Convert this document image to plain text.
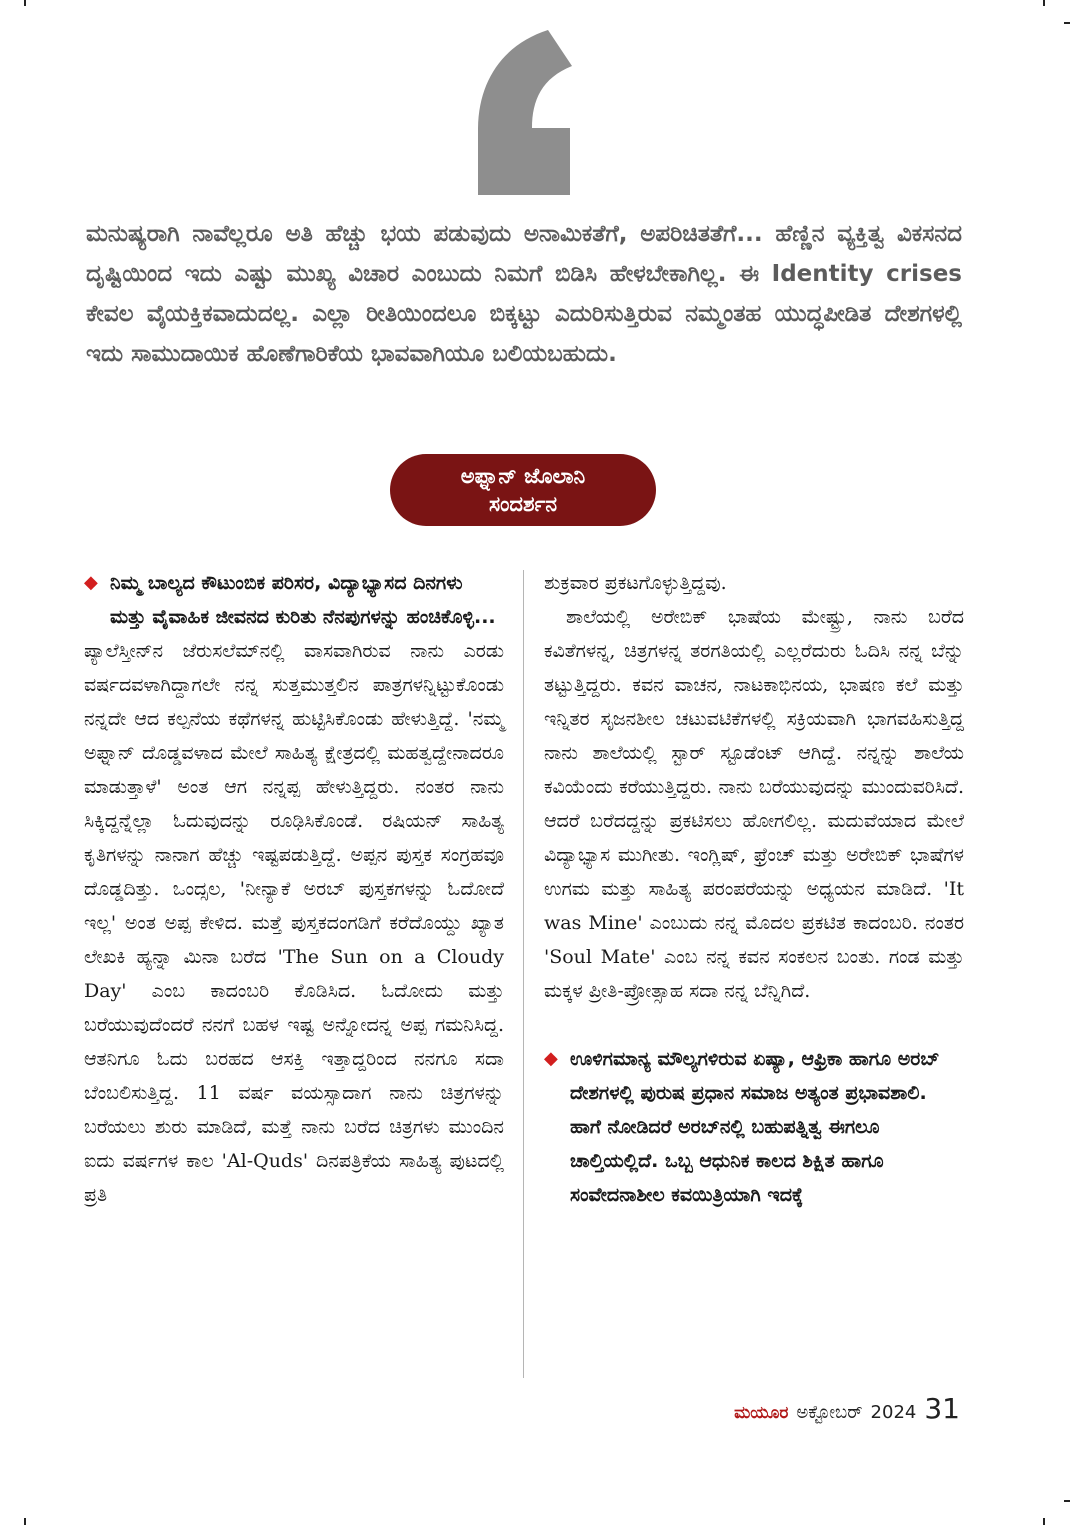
ಮನುಷ್ಯರಾಗಿ ನಾವೆಲ್ಲರೂ ಅತಿ ಹೆಚ್ಚು ಭಯ ಪಡುವುದು ಅನಾಮಿಕತೆಗೆ, ಅಪರಿಚಿತತೆಗೆ... ಹೆಣ್ಣಿನ ವ್ಯಕ್ತಿತ್ವ ವಿಕಸನದ ದೃಷ್ಟಿಯಿಂದ ಇದು ಎಷ್ಟು ಮುಖ್ಯ ವಿಚಾರ ಎಂಬುದು ನಿಮಗೆ ಬಿಡಿಸಿ ಹೇಳಬೇಕಾಗಿಲ್ಲ. ಈ Identity crises ಕೇವಲ ವೈಯಕ್ತಿಕವಾದುದಲ್ಲ. ಎಲ್ಲಾ ರೀತಿಯಿಂದಲೂ ಬಿಕ್ಕಟ್ಟು ಎದುರಿಸುತ್ತಿರುವ ನಮ್ಮಂತಹ ಯುದ್ಧಪೀಡಿತ ದೇಶಗಳಲ್ಲಿ ಇದು ಸಾಮುದಾಯಿಕ ಹೊಣೆಗಾರಿಕೆಯ ಭಾವವಾಗಿಯೂ ಬಲಿಯಬಹುದು.
ಅಫ್ನಾನ್ ಜೊಲಾನಿ
ಸಂದರ್ಶನ
◆ ನಿಮ್ಮ ಬಾಲ್ಯದ ಕೌಟುಂಬಿಕ ಪರಿಸರ, ವಿದ್ಯಾಭ್ಯಾಸದ ದಿನಗಳು ಮತ್ತು ವೈವಾಹಿಕ ಜೀವನದ ಕುರಿತು ನೆನಪುಗಳನ್ನು ಹಂಚಿಕೊಳ್ಳಿ...

ಪ್ಯಾಲೆಸ್ತೀನ್‌ನ ಜೆರುಸಲೆಮ್‌ನಲ್ಲಿ ವಾಸವಾಗಿರುವ ನಾನು ಎರಡು ವರ್ಷದವಳಾಗಿದ್ದಾಗಲೇ ನನ್ನ ಸುತ್ತಮುತ್ತಲಿನ ಪಾತ್ರಗಳನ್ನಿಟ್ಟುಕೊಂಡು ನನ್ನದೇ ಆದ ಕಲ್ಪನೆಯ ಕಥೆಗಳನ್ನ ಹುಟ್ಟಿಸಿಕೊಂಡು ಹೇಳುತ್ತಿದ್ದೆ. 'ನಮ್ಮ ಅಫ್ನಾನ್ ದೊಡ್ಡವಳಾದ ಮೇಲೆ ಸಾಹಿತ್ಯ ಕ್ಷೇತ್ರದಲ್ಲಿ ಮಹತ್ವದ್ದೇನಾದರೂ ಮಾಡುತ್ತಾಳೆ' ಅಂತ ಆಗ ನನ್ನಪ್ಪ ಹೇಳುತ್ತಿದ್ದರು. ನಂತರ ನಾನು ಸಿಕ್ಕಿದ್ದನ್ನೆಲ್ಲಾ ಓದುವುದನ್ನು ರೂಢಿಸಿಕೊಂಡೆ. ರಷಿಯನ್ ಸಾಹಿತ್ಯ ಕೃತಿಗಳನ್ನು ನಾನಾಗ ಹೆಚ್ಚು ಇಷ್ಟಪಡುತ್ತಿದ್ದೆ. ಅಪ್ಪನ ಪುಸ್ತಕ ಸಂಗ್ರಹವೂ ದೊಡ್ಡದಿತ್ತು. ಒಂದ್ಸಲ, 'ನೀನ್ಯಾಕೆ ಅರಬ್ ಪುಸ್ತಕಗಳನ್ನು ಓದೋದೆ ಇಲ್ಲ' ಅಂತ ಅಪ್ಪ ಕೇಳಿದ. ಮತ್ತೆ ಪುಸ್ತಕದಂಗಡಿಗೆ ಕರೆದೊಯ್ದು ಖ್ಯಾತ ಲೇಖಕಿ ಹ್ಯನ್ನಾ ಮಿನಾ ಬರೆದ 'The Sun on a Cloudy Day' ಎಂಬ ಕಾದಂಬರಿ ಕೊಡಿಸಿದ. ಓದೋದು ಮತ್ತು ಬರೆಯುವುದೆಂದರೆ ನನಗೆ ಬಹಳ ಇಷ್ಟ ಅನ್ನೋದನ್ನ ಅಪ್ಪ ಗಮನಿಸಿದ್ದ. ಆತನಿಗೂ ಓದು ಬರಹದ ಆಸಕ್ತಿ ಇತ್ತಾದ್ದರಿಂದ ನನಗೂ ಸದಾ ಬೆಂಬಲಿಸುತ್ತಿದ್ದ. 11 ವರ್ಷ ವಯಸ್ಸಾದಾಗ ನಾನು ಚಿತ್ರಗಳನ್ನು ಬರೆಯಲು ಶುರು ಮಾಡಿದೆ, ಮತ್ತೆ ನಾನು ಬರೆದ ಚಿತ್ರಗಳು ಮುಂದಿನ ಐದು ವರ್ಷಗಳ ಕಾಲ 'Al-Quds' ದಿನಪತ್ರಿಕೆಯ ಸಾಹಿತ್ಯ ಪುಟದಲ್ಲಿ ಪ್ರತಿ

ಶುಕ್ರವಾರ ಪ್ರಕಟಗೊಳ್ಳುತ್ತಿದ್ದವು.

ಶಾಲೆಯಲ್ಲಿ ಅರೇಬಿಕ್ ಭಾಷೆಯ ಮೇಷ್ಟ್ರು, ನಾನು ಬರೆದ ಕವಿತೆಗಳನ್ನ, ಚಿತ್ರಗಳನ್ನ ತರಗತಿಯಲ್ಲಿ ಎಲ್ಲರೆದುರು ಓದಿಸಿ ನನ್ನ ಬೆನ್ನು ತಟ್ಟುತ್ತಿದ್ದರು. ಕವನ ವಾಚನ, ನಾಟಕಾಭಿನಯ, ಭಾಷಣ ಕಲೆ ಮತ್ತು ಇನ್ನಿತರ ಸೃಜನಶೀಲ ಚಟುವಟಿಕೆಗಳಲ್ಲಿ ಸಕ್ರಿಯವಾಗಿ ಭಾಗವಹಿಸುತ್ತಿದ್ದ ನಾನು ಶಾಲೆಯಲ್ಲಿ ಸ್ಟಾರ್ ಸ್ಟೂಡೆಂಟ್ ಆಗಿದ್ದೆ. ನನ್ನನ್ನು ಶಾಲೆಯ ಕವಿಯೆಂದು ಕರೆಯುತ್ತಿದ್ದರು. ನಾನು ಬರೆಯುವುದನ್ನು ಮುಂದುವರಿಸಿದೆ. ಆದರೆ ಬರೆದದ್ದನ್ನು ಪ್ರಕಟಿಸಲು ಹೋಗಲಿಲ್ಲ. ಮದುವೆಯಾದ ಮೇಲೆ ವಿದ್ಯಾಭ್ಯಾಸ ಮುಗೀತು. ಇಂಗ್ಲಿಷ್, ಫ್ರೆಂಚ್ ಮತ್ತು ಅರೇಬಿಕ್ ಭಾಷೆಗಳ ಉಗಮ ಮತ್ತು ಸಾಹಿತ್ಯ ಪರಂಪರೆಯನ್ನು ಅಧ್ಯಯನ ಮಾಡಿದೆ. 'It was Mine' ಎಂಬುದು ನನ್ನ ಮೊದಲ ಪ್ರಕಟಿತ ಕಾದಂಬರಿ. ನಂತರ 'Soul Mate' ಎಂಬ ನನ್ನ ಕವನ ಸಂಕಲನ ಬಂತು. ಗಂಡ ಮತ್ತು ಮಕ್ಕಳ ಪ್ರೀತಿ-ಪ್ರೋತ್ಸಾಹ ಸದಾ ನನ್ನ ಬೆನ್ನಿಗಿದೆ.

◆ ಊಳಿಗಮಾನ್ಯ ಮೌಲ್ಯಗಳಿರುವ ಏಷ್ಯಾ, ಆಫ್ರಿಕಾ ಹಾಗೂ ಅರಬ್ ದೇಶಗಳಲ್ಲಿ ಪುರುಷ ಪ್ರಧಾನ ಸಮಾಜ ಅತ್ಯಂತ ಪ್ರಭಾವಶಾಲಿ. ಹಾಗೆ ನೋಡಿದರೆ ಅರಬ್‌ನಲ್ಲಿ ಬಹುಪತ್ನಿತ್ವ ಈಗಲೂ ಚಾಲ್ತಿಯಲ್ಲಿದೆ. ಒಬ್ಬ ಆಧುನಿಕ ಕಾಲದ ಶಿಕ್ಷಿತ ಹಾಗೂ ಸಂವೇದನಾಶೀಲ ಕವಯಿತ್ರಿಯಾಗಿ ಇದಕ್ಕೆ
ಮಯೂರ ಅಕ್ಟೋಬರ್ 2024 31
